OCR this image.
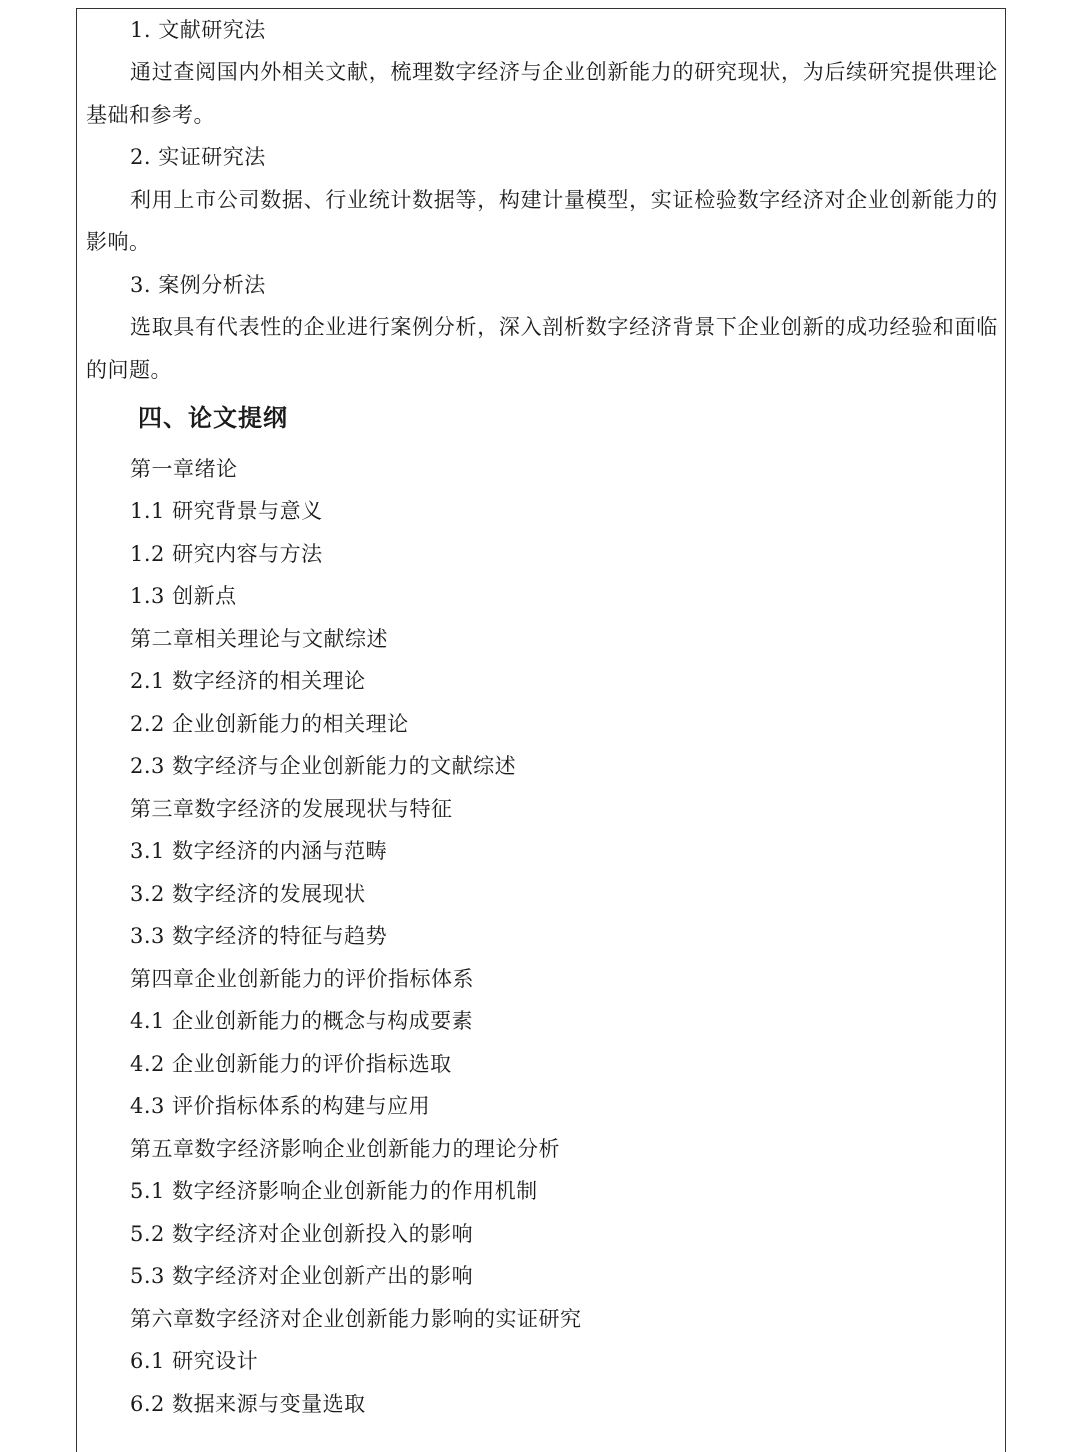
1. 文献研究法
通过查阅国内外相关文献，梳理数字经济与企业创新能力的研究现状，为后续研究提供理论
基础和参考。
2. 实证研究法
利用上市公司数据、行业统计数据等，构建计量模型，实证检验数字经济对企业创新能力的
影响。
3. 案例分析法
选取具有代表性的企业进行案例分析，深入剖析数字经济背景下企业创新的成功经验和面临
的问题。
四、论文提纲
第一章绪论
1.1 研究背景与意义
1.2 研究内容与方法
1.3 创新点
第二章相关理论与文献综述
2.1 数字经济的相关理论
2.2 企业创新能力的相关理论
2.3 数字经济与企业创新能力的文献综述
第三章数字经济的发展现状与特征
3.1 数字经济的内涵与范畴
3.2 数字经济的发展现状
3.3 数字经济的特征与趋势
第四章企业创新能力的评价指标体系
4.1 企业创新能力的概念与构成要素
4.2 企业创新能力的评价指标选取
4.3 评价指标体系的构建与应用
第五章数字经济影响企业创新能力的理论分析
5.1 数字经济影响企业创新能力的作用机制
5.2 数字经济对企业创新投入的影响
5.3 数字经济对企业创新产出的影响
第六章数字经济对企业创新能力影响的实证研究
6.1 研究设计
6.2 数据来源与变量选取
